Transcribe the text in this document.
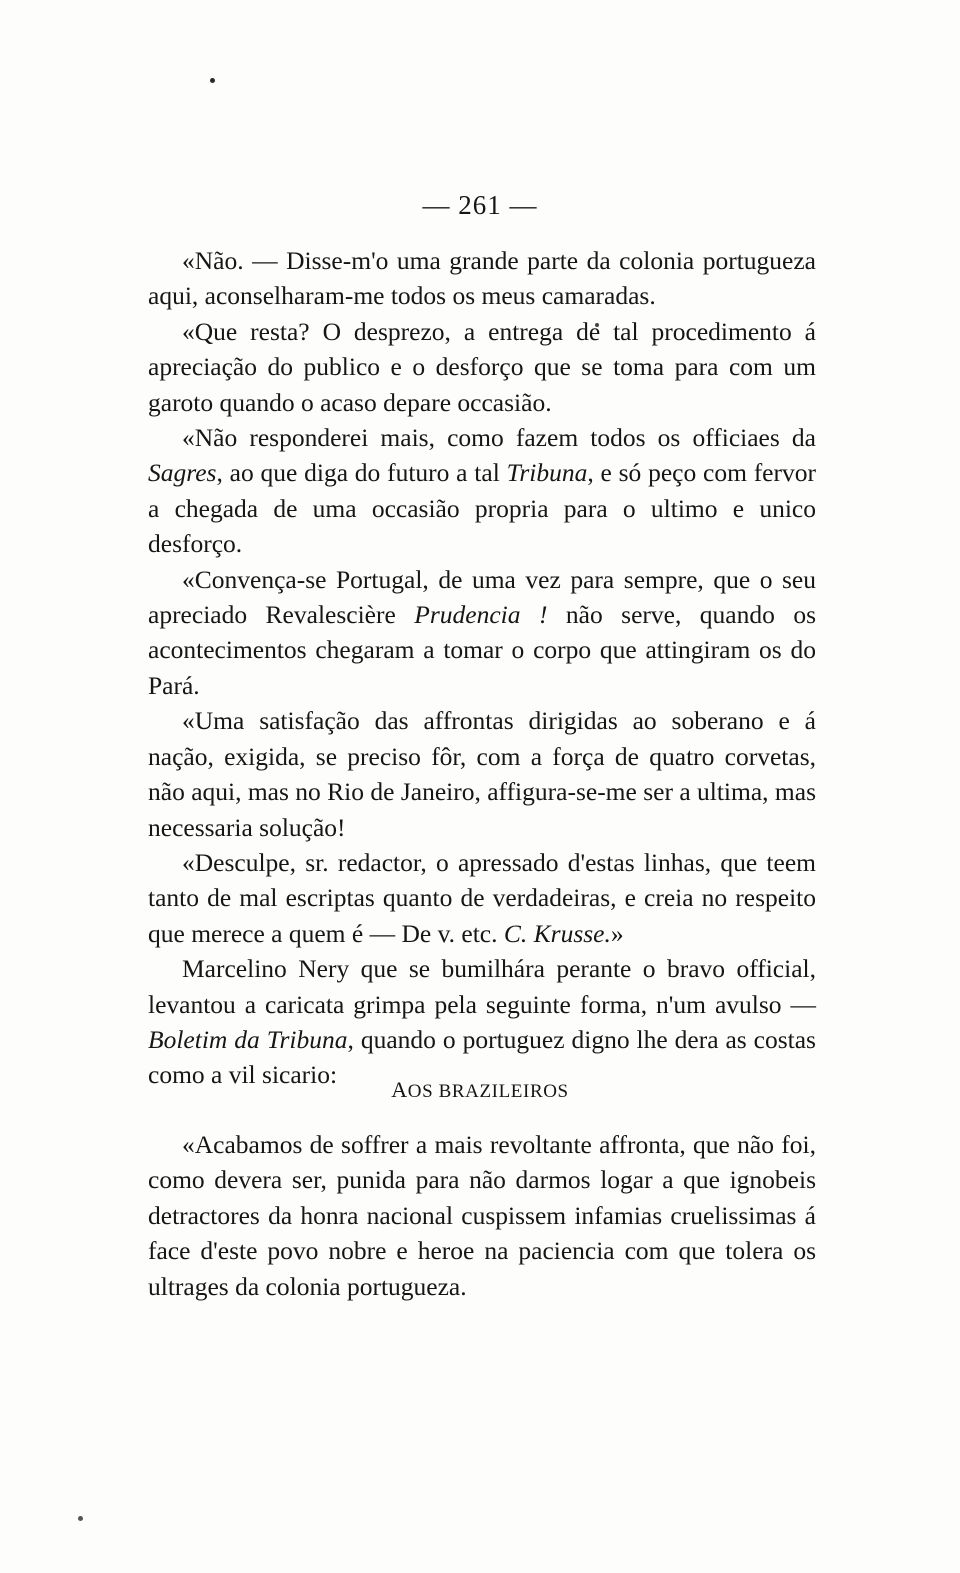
— 261 —

«Não. — Disse-m'o uma grande parte da colonia portugueza aqui, aconselharam-me todos os meus camaradas.

«Que resta? O desprezo, a entrega de tal procedimento á apreciação do publico e o desforço que se toma para com um garoto quando o acaso depare occasião.

«Não responderei mais, como fazem todos os officiaes da Sagres, ao que diga do futuro a tal Tribuna, e só peço com fervor a chegada de uma occasião propria para o ultimo e unico desforço.

«Convença-se Portugal, de uma vez para sempre, que o seu apreciado Revalescière Prudencia ! não serve, quando os acontecimentos chegaram a tomar o corpo que attingiram os do Pará.

«Uma satisfação das affrontas dirigidas ao soberano e á nação, exigida, se preciso fôr, com a força de quatro corvetas, não aqui, mas no Rio de Janeiro, affigura-se-me ser a ultima, mas necessaria solução!

«Desculpe, sr. redactor, o apressado d'estas linhas, que teem tanto de mal escriptas quanto de verdadeiras, e creia no respeito que merece a quem é — De v. etc. C. Krusse.»

Marcelino Nery que se bumilhára perante o bravo official, levantou a caricata grimpa pela seguinte forma, n'um avulso — Boletim da Tribuna, quando o portuguez digno lhe dera as costas como a vil sicario:

AOS BRAZILEIROS

«Acabamos de soffrer a mais revoltante affronta, que não foi, como devera ser, punida para não darmos logar a que ignobeis detractores da honra nacional cuspissem infamias cruelissimas á face d'este povo nobre e heroe na paciencia com que tolera os ultrages da colonia portugueza.
